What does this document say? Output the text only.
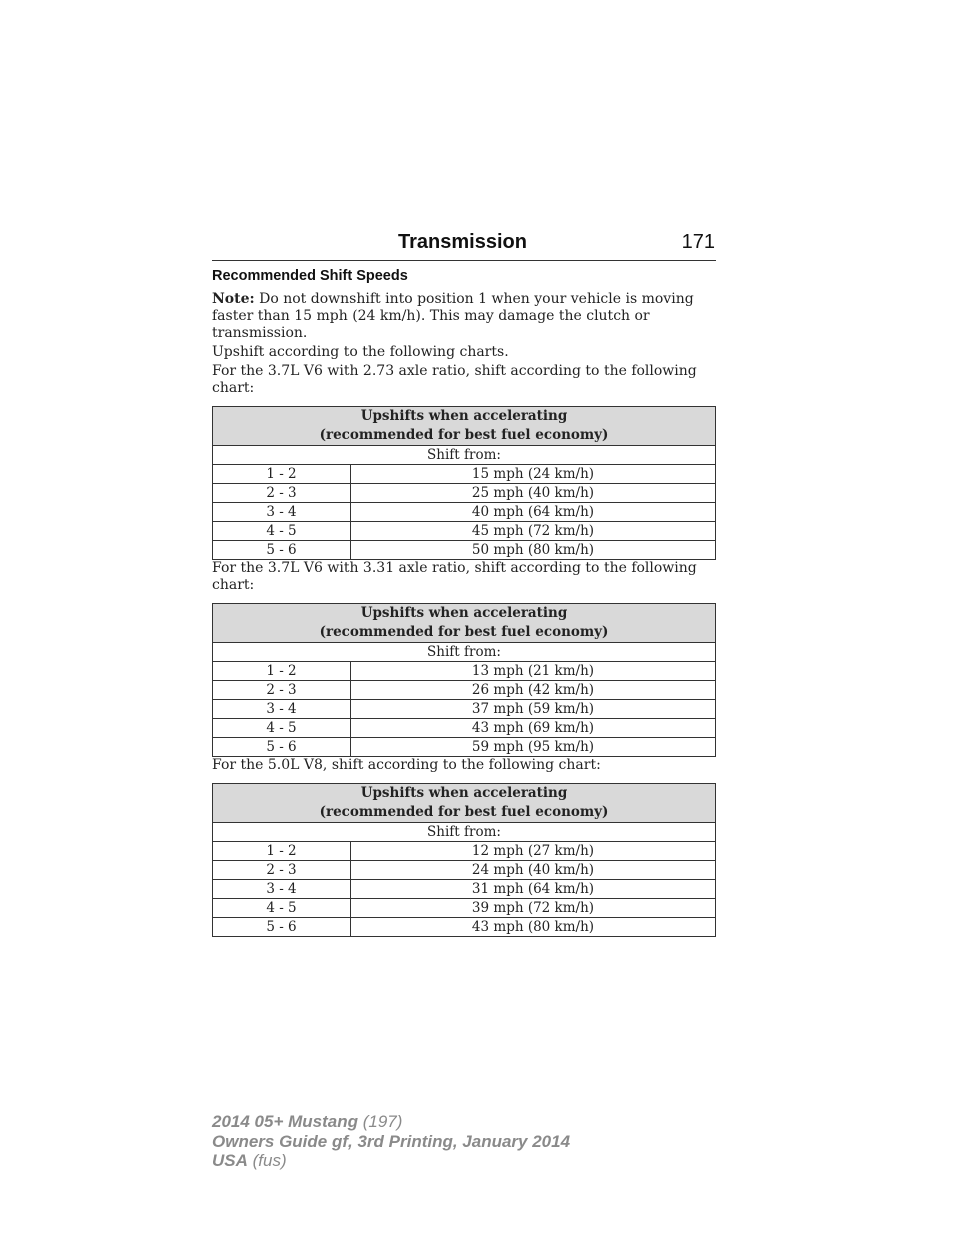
Transmission	171
Recommended Shift Speeds

Note: Do not downshift into position 1 when your vehicle is moving faster than 15 mph (24 km/h). This may damage the clutch or transmission.

Upshift according to the following charts.

For the 3.7L V6 with 2.73 axle ratio, shift according to the following chart:

Upshifts when accelerating
(recommended for best fuel economy)	
Shift from:	
1 - 2	15 mph (24 km/h)
2 - 3	25 mph (40 km/h)
3 - 4	40 mph (64 km/h)
4 - 5	45 mph (72 km/h)
5 - 6	50 mph (80 km/h)

For the 3.7L V6 with 3.31 axle ratio, shift according to the following chart:

Upshifts when accelerating
(recommended for best fuel economy)	
Shift from:	
1 - 2	13 mph (21 km/h)
2 - 3	26 mph (42 km/h)
3 - 4	37 mph (59 km/h)
4 - 5	43 mph (69 km/h)
5 - 6	59 mph (95 km/h)

For the 5.0L V8, shift according to the following chart:

Upshifts when accelerating
(recommended for best fuel economy)	
Shift from:	
1 - 2	12 mph (27 km/h)
2 - 3	24 mph (40 km/h)
3 - 4	31 mph (64 km/h)
4 - 5	39 mph (72 km/h)
5 - 6	43 mph (80 km/h)
2014 05+ Mustang (197)
Owners Guide gf, 3rd Printing, January 2014
USA (fus)
